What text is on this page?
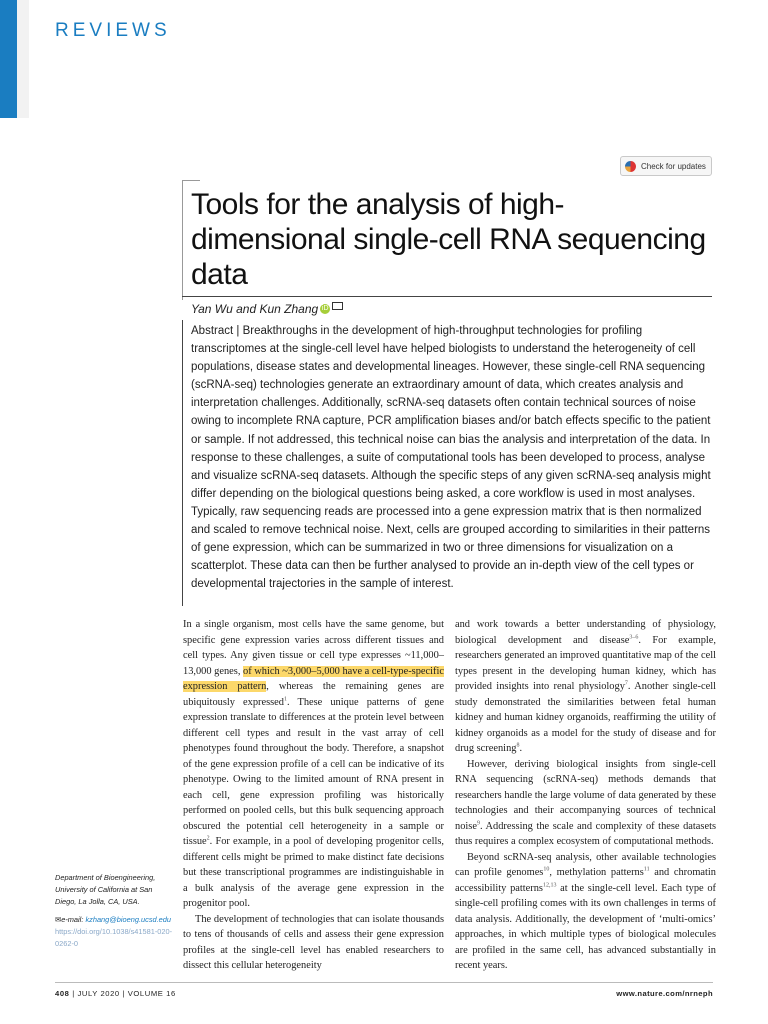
REVIEWS
Check for updates
Tools for the analysis of high-dimensional single-cell RNA sequencing data
Yan Wu and Kun Zhang iD
Abstract | Breakthroughs in the development of high-throughput technologies for profiling transcriptomes at the single-cell level have helped biologists to understand the heterogeneity of cell populations, disease states and developmental lineages. However, these single-cell RNA sequencing (scRNA-seq) technologies generate an extraordinary amount of data, which creates analysis and interpretation challenges. Additionally, scRNA-seq datasets often contain technical sources of noise owing to incomplete RNA capture, PCR amplification biases and/or batch effects specific to the patient or sample. If not addressed, this technical noise can bias the analysis and interpretation of the data. In response to these challenges, a suite of computational tools has been developed to process, analyse and visualize scRNA-seq datasets. Although the specific steps of any given scRNA-seq analysis might differ depending on the biological questions being asked, a core workflow is used in most analyses. Typically, raw sequencing reads are processed into a gene expression matrix that is then normalized and scaled to remove technical noise. Next, cells are grouped according to similarities in their patterns of gene expression, which can be summarized in two or three dimensions for visualization on a scatterplot. These data can then be further analysed to provide an in-depth view of the cell types or developmental trajectories in the sample of interest.

In a single organism, most cells have the same genome, but specific gene expression varies across different tissues and cell types. Any given tissue or cell type expresses ~11,000–13,000 genes, of which ~3,000–5,000 have a cell-type-specific expression pattern, whereas the remaining genes are ubiquitously expressed$^1$. These unique patterns of gene expression translate to differences at the protein level between different cell types and result in the vast array of cell phenotypes found throughout the body. Therefore, a snapshot of the gene expression profile of a cell can be indicative of its phenotype. Owing to the limited amount of RNA present in each cell, gene expression profiling was historically performed on pooled cells, but this bulk sequencing approach obscured the potential cell heterogeneity in a sample or tissue$^2$. For example, in a pool of developing progenitor cells, different cells might be primed to make distinct fate decisions but these transcriptional programmes are indistinguishable in a bulk analysis of the average gene expression in the progenitor pool.

The development of technologies that can isolate thousands to tens of thousands of cells and assess their gene expression profiles at the single-cell level has enabled researchers to dissect this cellular heterogeneity

and work towards a better understanding of physiology, biological development and disease$^{3-6}$. For example, researchers generated an improved quantitative map of the cell types present in the developing human kidney, which has provided insights into renal physiology$^7$. Another single-cell study demonstrated the similarities between fetal human kidney and human kidney organoids, reaffirming the utility of kidney organoids as a model for the study of disease and for drug screening$^8$.

However, deriving biological insights from single-cell RNA sequencing (scRNA-seq) methods demands that researchers handle the large volume of data generated by these technologies and their accompanying sources of technical noise$^9$. Addressing the scale and complexity of these datasets thus requires a complex ecosystem of computational methods.

Beyond scRNA-seq analysis, other available technologies can profile genomes$^{10}$, methylation patterns$^{11}$ and chromatin accessibility patterns$^{12,13}$ at the single-cell level. Each type of single-cell profiling comes with its own challenges in terms of data analysis. Additionally, the development of ‘multi-omics’ approaches, in which multiple types of biological molecules are profiled in the same cell, has advanced substantially in recent years.

Department of Bioengineering, University of California at San Diego, La Jolla, CA, USA.
✉e-mail: kzhang@bioeng.ucsd.edu
https://doi.org/10.1038/s41581-020-0262-0
408 | JULY 2020 | VOLUME 16	www.nature.com/nrneph
